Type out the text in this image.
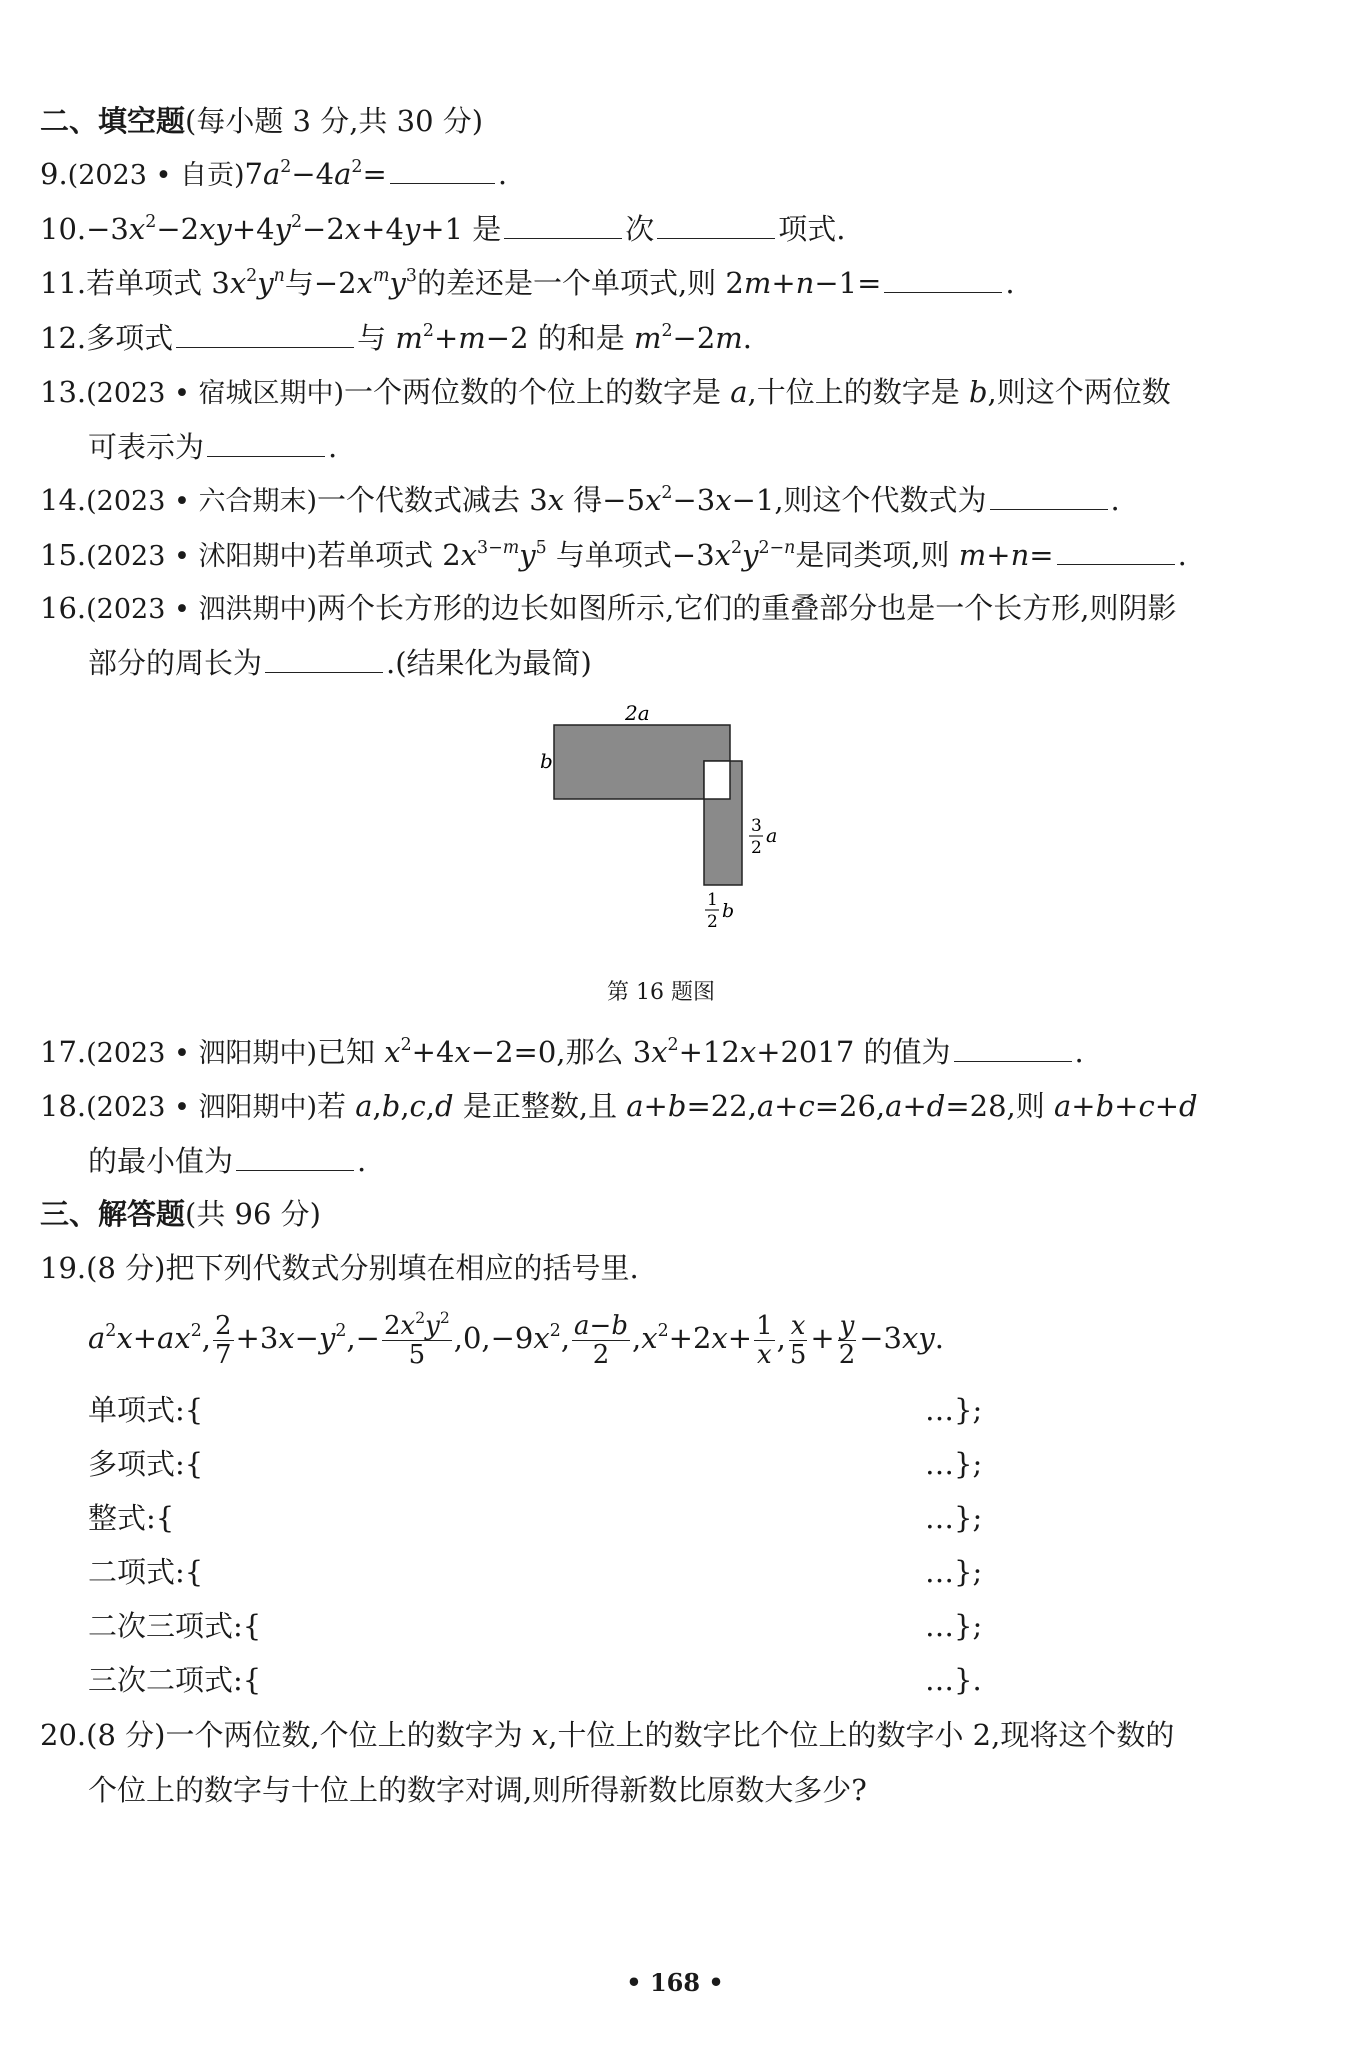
二、填空题(每小题 3 分,共 30 分)
9.(2023 • 自贡)$7a^2-4a^2=$	.
$10.-3x^2-2xy+4y^2-2x+4y+1$ 是	次	项式.
11.若单项式 $3x^2y^n$与$-2x^my^3$的差还是一个单项式,则 2m+n−1=	.
12.多项式	与 $m^2+m-2$ 的和是 $m^2-2m$.
13.(2023 • 宿城区期中)一个两位数的个位上的数字是 a,十位上的数字是 b,则这个两位数
可表示为	.
14.(2023 • 六合期末)一个代数式减去 3x 得$-5x^2-3x-1$,则这个代数式为	.
15.(2023 • 沭阳期中)若单项式 $2x^{3-m}y^5$ 与单项式$-3x^2y^{2-n}$是同类项,则 m+n=	.
16.(2023 • 泗洪期中)两个长方形的边长如图所示,它们的重叠部分也是一个长方形,则阴影
部分的周长为	.(结果化为最简)
2a
b
3
2
a
1
2 b
第 16 题图
17.(2023 • 泗阳期中)已知 $x^2+4x-2=0$,那么 $3x^2+12x+2017$ 的值为	.
18.(2023 • 泗阳期中)若 a,b,c,d 是正整数,且 a+b=22,a+c=26,a+d=28,则 a+b+c+d
的最小值为	.
三、解答题(共 96 分)
19.(8 分)把下列代数式分别填在相应的括号里.
$a^2x+ax^2$, $\frac{2}{7} +3x-y^2,- \frac{2x^2y^2}{5} ,0,-9x^2$, $\frac{a-b}{2} ,x^2+2x+ \frac{1}{x}$ , $\frac{x}{5} + \frac{y}{2} -3xy$.
单项式:{	…};
多项式:{	…};
整式:{	…};
二项式:{	…};
二次三项式:{	…};
三次二项式:{	…}.
20.(8 分)一个两位数,个位上的数字为 x,十位上的数字比个位上的数字小 2,现将这个数的
个位上的数字与十位上的数字对调,则所得新数比原数大多少?
• 168 •
